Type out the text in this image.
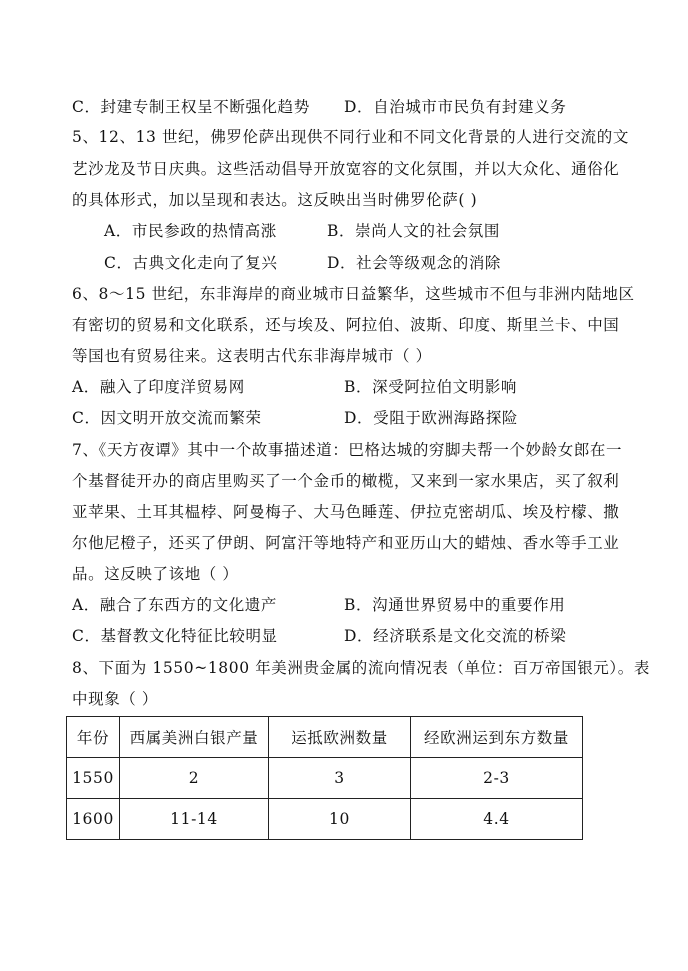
C．封建专制王权呈不断强化趋势 D．自治城市市民负有封建义务
5、12、13 世纪，佛罗伦萨出现供不同行业和不同文化背景的人进行交流的文
艺沙龙及节日庆典。这些活动倡导开放宽容的文化氛围，并以大众化、通俗化
的具体形式，加以呈现和表达。这反映出当时佛罗伦萨( )
A．市民参政的热情高涨	B．崇尚人文的社会氛围
C．古典文化走向了复兴	D．社会等级观念的消除
6、8～15 世纪，东非海岸的商业城市日益繁华，这些城市不但与非洲内陆地区
有密切的贸易和文化联系，还与埃及、阿拉伯、波斯、印度、斯里兰卡、中国
等国也有贸易往来。这表明古代东非海岸城市（ ）
A．融入了印度洋贸易网	B．深受阿拉伯文明影响
C．因文明开放交流而繁荣	D．受阻于欧洲海路探险
7、《天方夜谭》其中一个故事描述道：巴格达城的穷脚夫帮一个妙龄女郎在一
个基督徒开办的商店里购买了一个金币的橄榄，又来到一家水果店，买了叙利
亚苹果、土耳其榅桲、阿曼梅子、大马色睡莲、伊拉克密胡瓜、埃及柠檬、撒
尔他尼橙子，还买了伊朗、阿富汗等地特产和亚历山大的蜡烛、香水等手工业
品。这反映了该地（ ）
A．融合了东西方的文化遗产	B．沟通世界贸易中的重要作用
C．基督教文化特征比较明显	D．经济联系是文化交流的桥梁
8、下面为 1550~1800 年美洲贵金属的流向情况表（单位：百万帝国银元）。表
中现象（ ）
年份	西属美洲白银产量	运抵欧洲数量	经欧洲运到东方数量
1550	2	3	2-3
1600	11-14	10	4.4
